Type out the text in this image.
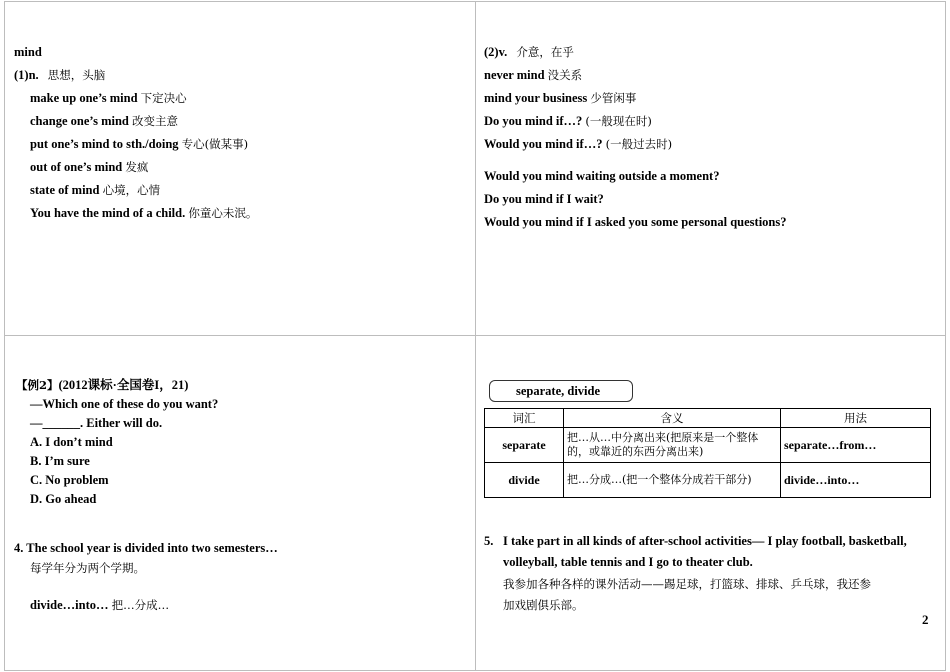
mind
(1)n. 思想，头脑
make up one’s mind 下定决心
change one’s mind 改变主意
put one’s mind to sth./doing 专心(做某事)
out of one’s mind 发疯
state of mind 心境，心情
You have the mind of a child. 你童心未泯。
(2)v. 介意，在乎
never mind 没关系
mind your business 少管闲事
Do you mind if…? (一般现在时)
Would you mind if…? (一般过去时)
Would you mind waiting outside a moment?
Do you mind if I wait?
Would you mind if I asked you some personal questions?
【例2】(2012课标·全国卷I，21)
—Which one of these do you want?
—______. Either will do.
A. I don’t mind
B. I’m sure
C. No problem
D. Go ahead
4. The school year is divided into two semesters…
每学年分为两个学期。
divide…into… 把…分成…
separate, divide
词汇	含义	用法
separate	把…从…中分离出来(把原来是一个整体的，或靠近的东西分离出来)	separate…from…
divide	把…分成…(把一个整体分成若干部分)	divide…into…
5. I take part in all kinds of after-school activities— I play football, basketball,
volleyball, table tennis and I go to theater club.
我参加各种各样的课外活动——踢足球，打篮球、排球、乒乓球，我还参
加戏剧俱乐部。
2
